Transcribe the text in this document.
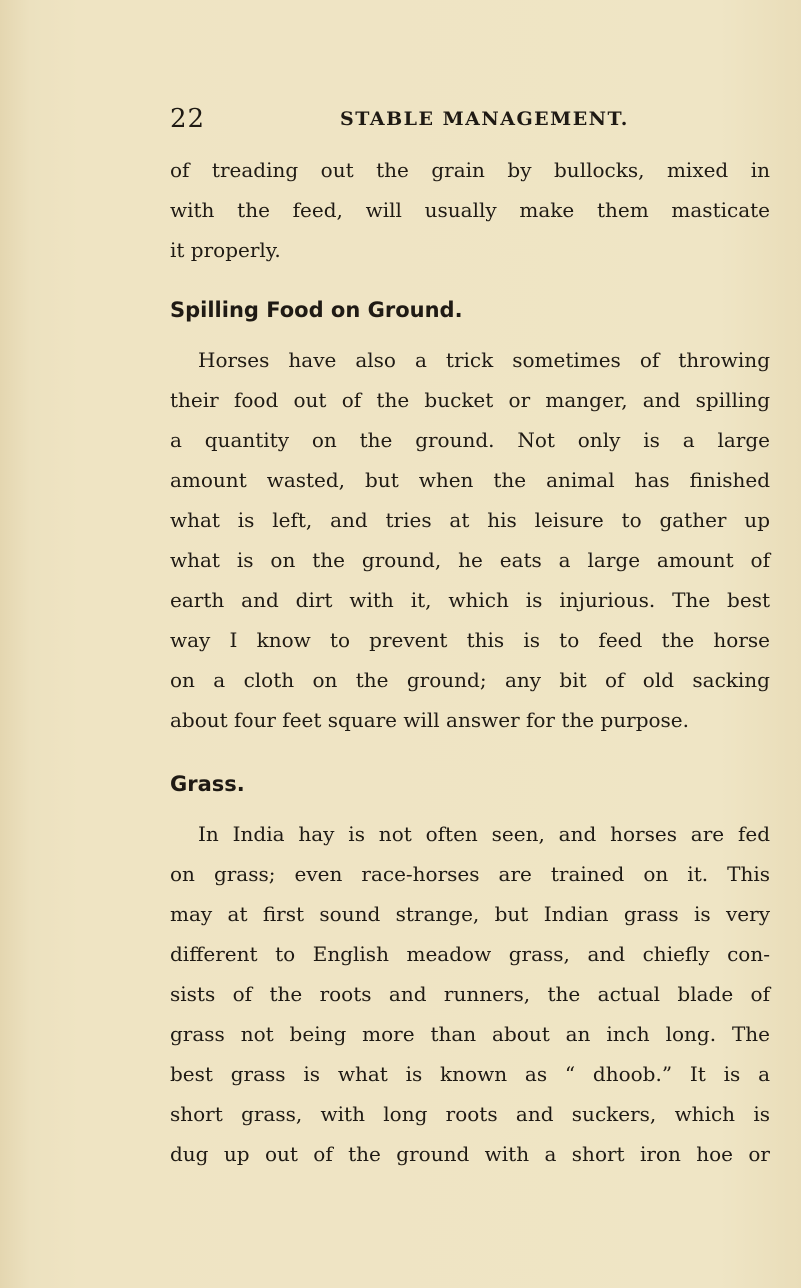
22	STABLE MANAGEMENT.
of treading out the grain by bullocks, mixed in
with the feed, will usually make them masticate
it properly.
Spilling Food on Ground.
Horses have also a trick sometimes of throwing
their food out of the bucket or manger, and spilling
a quantity on the ground. Not only is a large
amount wasted, but when the animal has finished
what is left, and tries at his leisure to gather up
what is on the ground, he eats a large amount of
earth and dirt with it, which is injurious. The best
way I know to prevent this is to feed the horse
on a cloth on the ground; any bit of old sacking
about four feet square will answer for the purpose.
Grass.
In India hay is not often seen, and horses are fed
on grass; even race-horses are trained on it. This
may at first sound strange, but Indian grass is very
different to English meadow grass, and chiefly con-
sists of the roots and runners, the actual blade of
grass not being more than about an inch long. The
best grass is what is known as “ dhoob.” It is a
short grass, with long roots and suckers, which is
dug up out of the ground with a short iron hoe or
